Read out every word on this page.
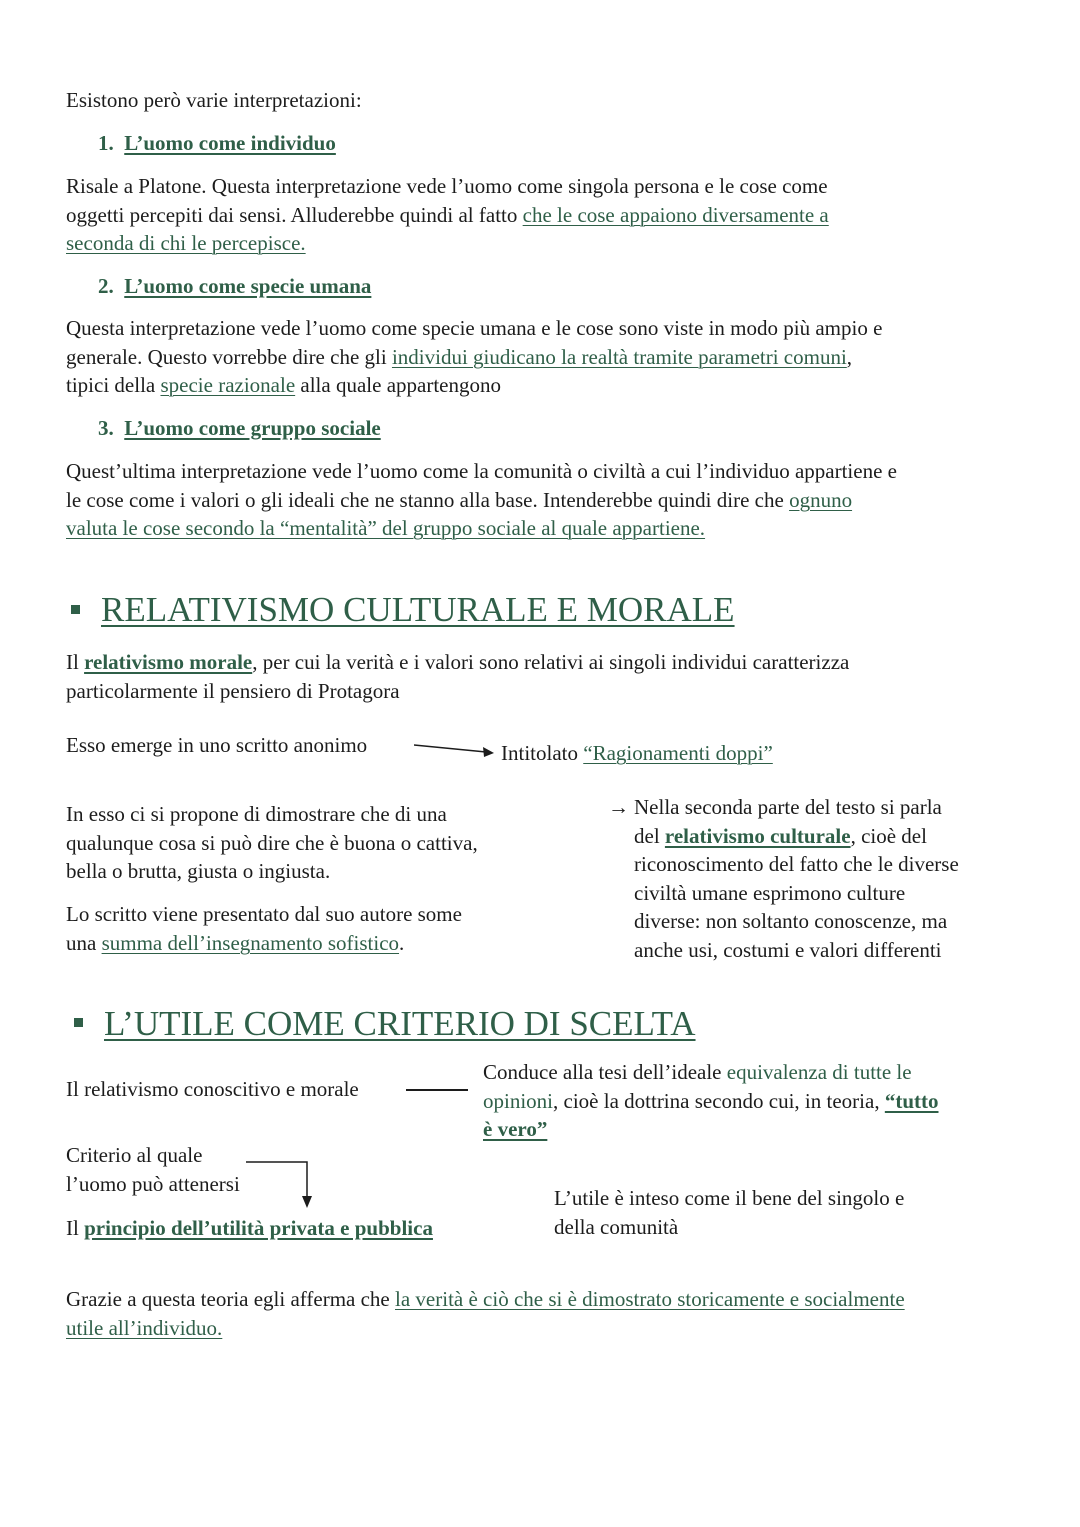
Esistono però varie interpretazioni:
1. L’uomo come individuo
Risale a Platone. Questa interpretazione vede l’uomo come singola persona e le cose come
oggetti percepiti dai sensi. Alluderebbe quindi al fatto che le cose appaiono diversamente a
seconda di chi le percepisce.
2. L’uomo come specie umana
Questa interpretazione vede l’uomo come specie umana e le cose sono viste in modo più ampio e
generale. Questo vorrebbe dire che gli individui giudicano la realtà tramite parametri comuni,
tipici della specie razionale alla quale appartengono
3. L’uomo come gruppo sociale
Quest’ultima interpretazione vede l’uomo come la comunità o civiltà a cui l’individuo appartiene e
le cose come i valori o gli ideali che ne stanno alla base. Intenderebbe quindi dire che ognuno
valuta le cose secondo la “mentalità” del gruppo sociale al quale appartiene.
RELATIVISMO CULTURALE E MORALE
Il relativismo morale, per cui la verità e i valori sono relativi ai singoli individui caratterizza
particolarmente il pensiero di Protagora
Esso emerge in uno scritto anonimo	Intitolato “Ragionamenti doppi”
In esso ci si propone di dimostrare che di una
qualunque cosa si può dire che è buona o cattiva,
bella o brutta, giusta o ingiusta.
Lo scritto viene presentato dal suo autore some
una summa dell’insegnamento sofistico.
→ Nella seconda parte del testo si parla
del relativismo culturale, cioè del
riconoscimento del fatto che le diverse
civiltà umane esprimono culture
diverse: non soltanto conoscenze, ma
anche usi, costumi e valori differenti
L’UTILE COME CRITERIO DI SCELTA
Il relativismo conoscitivo e morale
Conduce alla tesi dell’ideale equivalenza di tutte le
opinioni, cioè la dottrina secondo cui, in teoria, “tutto
è vero”
Criterio al quale
l’uomo può attenersi
Il principio dell’utilità privata e pubblica
L’utile è inteso come il bene del singolo e
della comunità
Grazie a questa teoria egli afferma che la verità è ciò che si è dimostrato storicamente e socialmente
utile all’individuo.
